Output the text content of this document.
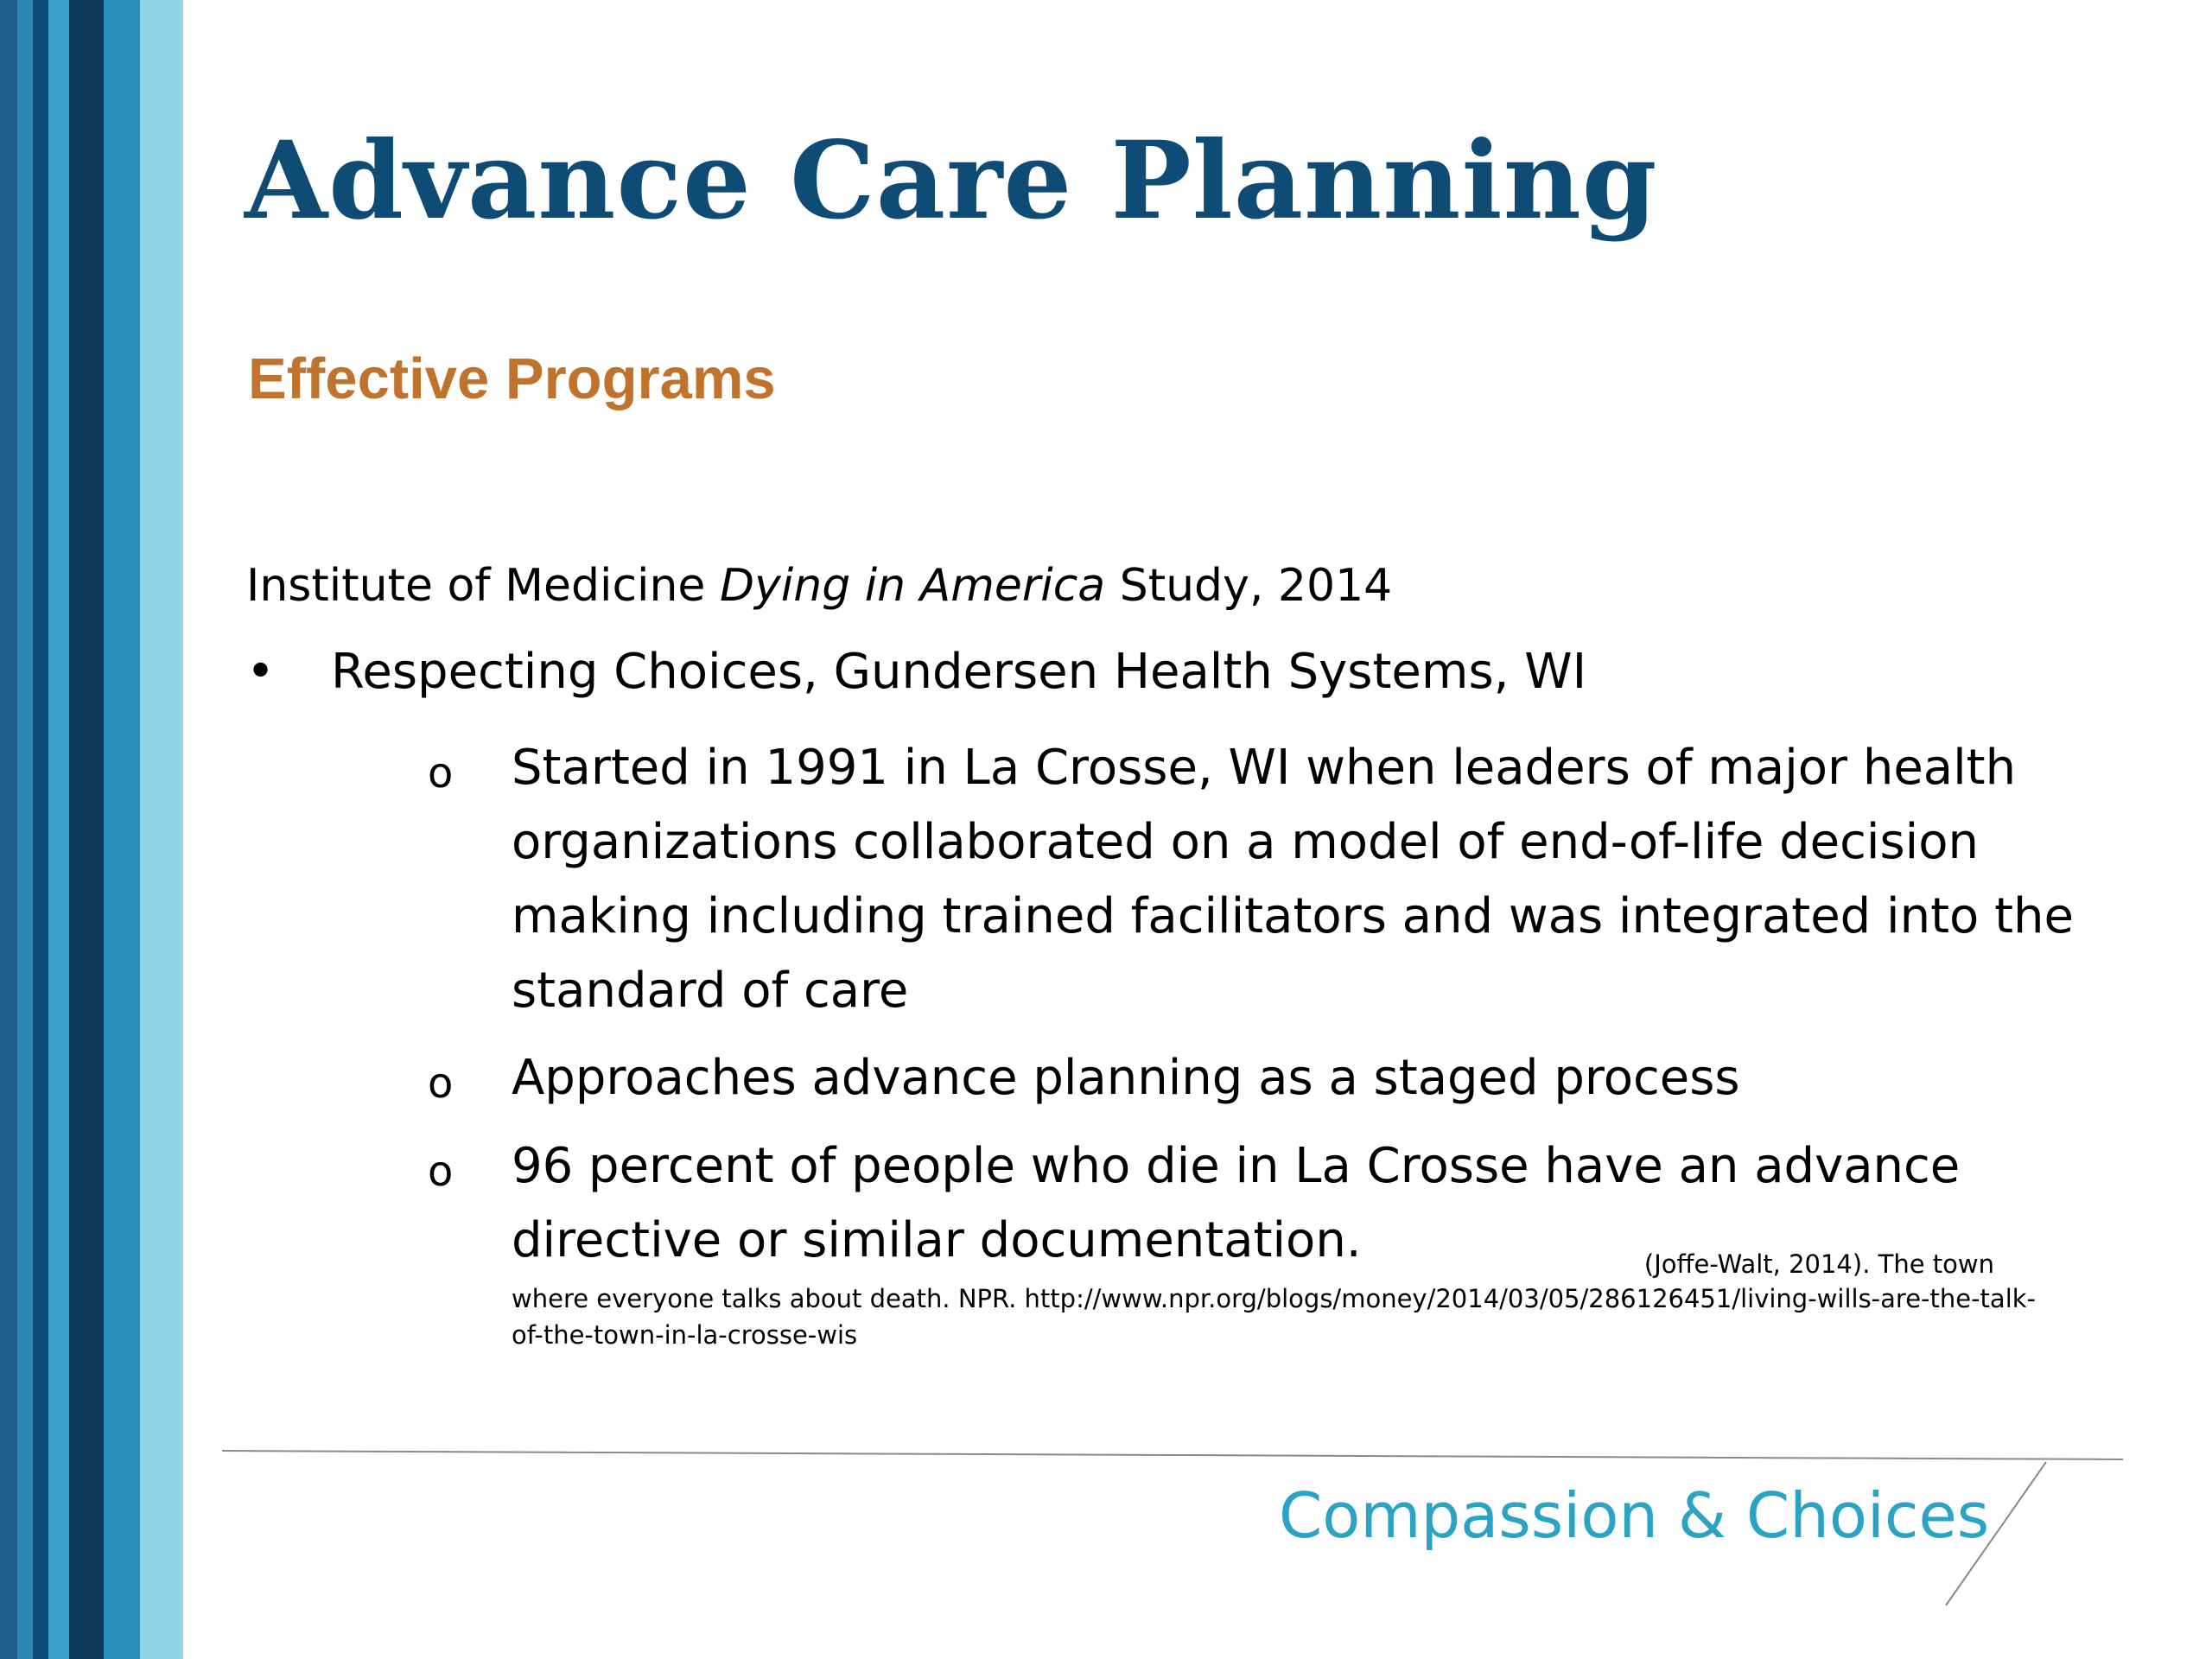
Advance Care Planning
Effective Programs
Institute of Medicine Dying in America Study, 2014
• Respecting Choices, Gundersen Health Systems, WI
o Started in 1991 in La Crosse, WI when leaders of major health organizations collaborated on a model of end-of-life decision making including trained facilitators and was integrated into the standard of care
o Approaches advance planning as a staged process
o 96 percent of people who die in La Crosse have an advance directive or similar documentation.	(Joffe-Walt, 2014). The town
where everyone talks about death. NPR. http://www.npr.org/blogs/money/2014/03/05/286126451/living-wills-are-the-talk-of-the-town-in-la-crosse-wis
Compassion & Choices
